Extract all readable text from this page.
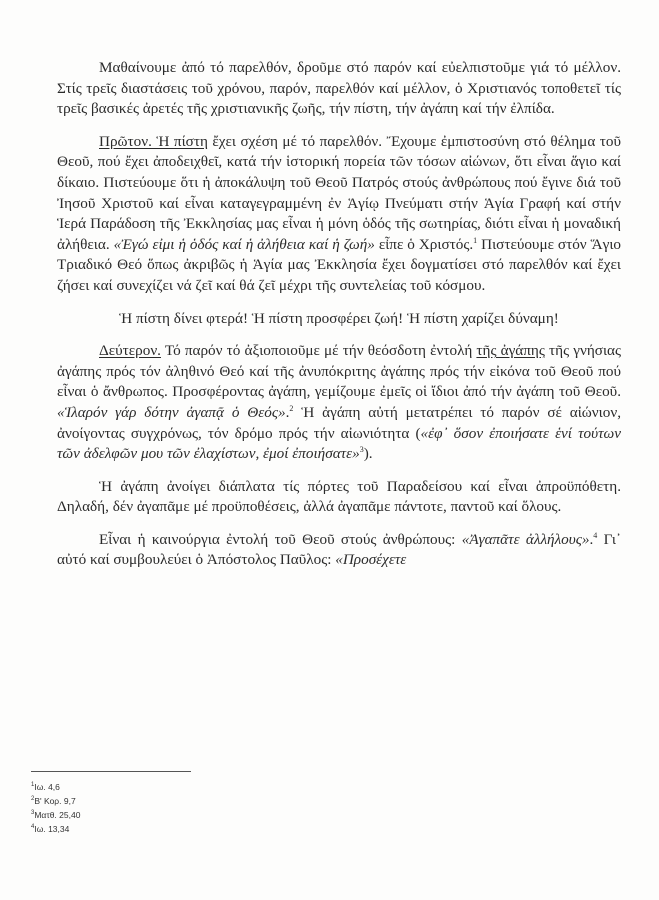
Μαθαίνουμε ἀπό τό παρελθόν, δροῦμε στό παρόν καί εὐελπιστοῦμε γιά τό μέλλον. Στίς τρεῖς διαστάσεις τοῦ χρόνου, παρόν, παρελθόν καί μέλλον, ὁ Χριστιανός τοποθετεῖ τίς τρεῖς βασικές ἀρετές τῆς χριστιανικῆς ζωῆς, τήν πίστη, τήν ἀγάπη καί τήν ἐλπίδα.

Πρῶτον. Ἡ πίστη ἔχει σχέση μέ τό παρελθόν. Ἔχουμε ἐμπιστοσύνη στό θέλημα τοῦ Θεοῦ, πού ἔχει ἀποδειχθεῖ, κατά τήν ἱστορική πορεία τῶν τόσων αἰώνων, ὅτι εἶναι ἅγιο καί δίκαιο. Πιστεύουμε ὅτι ἡ ἀποκάλυψη τοῦ Θεοῦ Πατρός στούς ἀνθρώπους πού ἔγινε διά τοῦ Ἰησοῦ Χριστοῦ καί εἶναι καταγεγραμμένη ἐν Ἁγίῳ Πνεύματι στήν Ἁγία Γραφή καί στήν Ἱερά Παράδοση τῆς Ἐκκλησίας μας εἶναι ἡ μόνη ὁδός τῆς σωτηρίας, διότι εἶναι ἡ μοναδική ἀλήθεια. «Ἐγώ εἰμι ἡ ὁδός καί ἡ ἀλήθεια καί ἡ ζωή» εἶπε ὁ Χριστός.$^1$ Πιστεύουμε στόν Ἅγιο Τριαδικό Θεό ὅπως ἀκριβῶς ἡ Ἁγία μας Ἐκκλησία ἔχει δογματίσει στό παρελθόν καί ἔχει ζήσει καί συνεχίζει νά ζεῖ καί θά ζεῖ μέχρι τῆς συντελείας τοῦ κόσμου.

Ἡ πίστη δίνει φτερά! Ἡ πίστη προσφέρει ζωή! Ἡ πίστη χαρίζει δύναμη!

Δεύτερον. Τό παρόν τό ἀξιοποιοῦμε μέ τήν θεόσδοτη ἐντολή τῆς ἀγάπης τῆς γνήσιας ἀγάπης πρός τόν ἀληθινό Θεό καί τῆς ἀνυπόκριτης ἀγάπης πρός τήν εἰκόνα τοῦ Θεοῦ πού εἶναι ὁ ἄνθρωπος. Προσφέροντας ἀγάπη, γεμίζουμε ἐμεῖς οἱ ἴδιοι ἀπό τήν ἀγάπη τοῦ Θεοῦ. «Ἱλαρόν γάρ δότην ἀγαπᾷ ὁ Θεός».$^2$ Ἡ ἀγάπη αὐτή μετατρέπει τό παρόν σέ αἰώνιον, ἀνοίγοντας συγχρόνως, τόν δρόμο πρός τήν αἰωνιότητα («ἐφ᾽ ὅσον ἐποιήσατε ἑνί τούτων τῶν ἀδελφῶν μου τῶν ἐλαχίστων, ἐμοί ἐποιήσατε»$^3$).

Ἡ ἀγάπη ἀνοίγει διάπλατα τίς πόρτες τοῦ Παραδείσου καί εἶναι ἀπροϋπόθετη. Δηλαδή, δέν ἀγαπᾶμε μέ προϋποθέσεις, ἀλλά ἀγαπᾶμε πάντοτε, παντοῦ καί ὅλους.

Εἶναι ἡ καινούργια ἐντολή τοῦ Θεοῦ στούς ἀνθρώπους: «Ἀγαπᾶτε ἀλλήλους».$^4$ Γι᾽ αὐτό καί συμβουλεύει ὁ Ἀπόστολος Παῦλος: «Προσέχετε

$^1$Ιω. 4,6
$^2$Β' Κορ. 9,7
$^3$Ματθ. 25,40
$^4$Ιω. 13,34
